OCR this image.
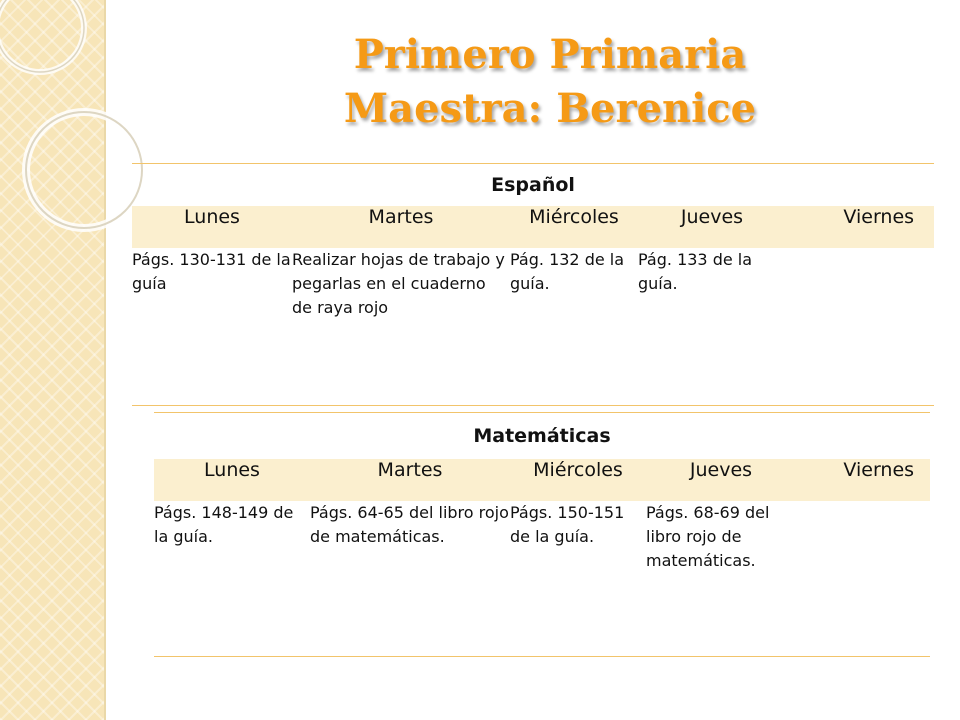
Primero Primaria
Maestra: Berenice
Español				
Lunes	Martes	Miércoles	Jueves	Viernes
Págs. 130-131 de la guía	Realizar hojas de trabajo y pegarlas en el cuaderno de raya rojo	Pág. 132 de la guía.	Pág. 133 de la guía.	
Matemáticas				
Lunes	Martes	Miércoles	Jueves	Viernes
Págs. 148-149 de la guía.	Págs. 64-65 del libro rojo de matemáticas.	Págs. 150-151 de la guía.	Págs. 68-69 del libro rojo de matemáticas.	
